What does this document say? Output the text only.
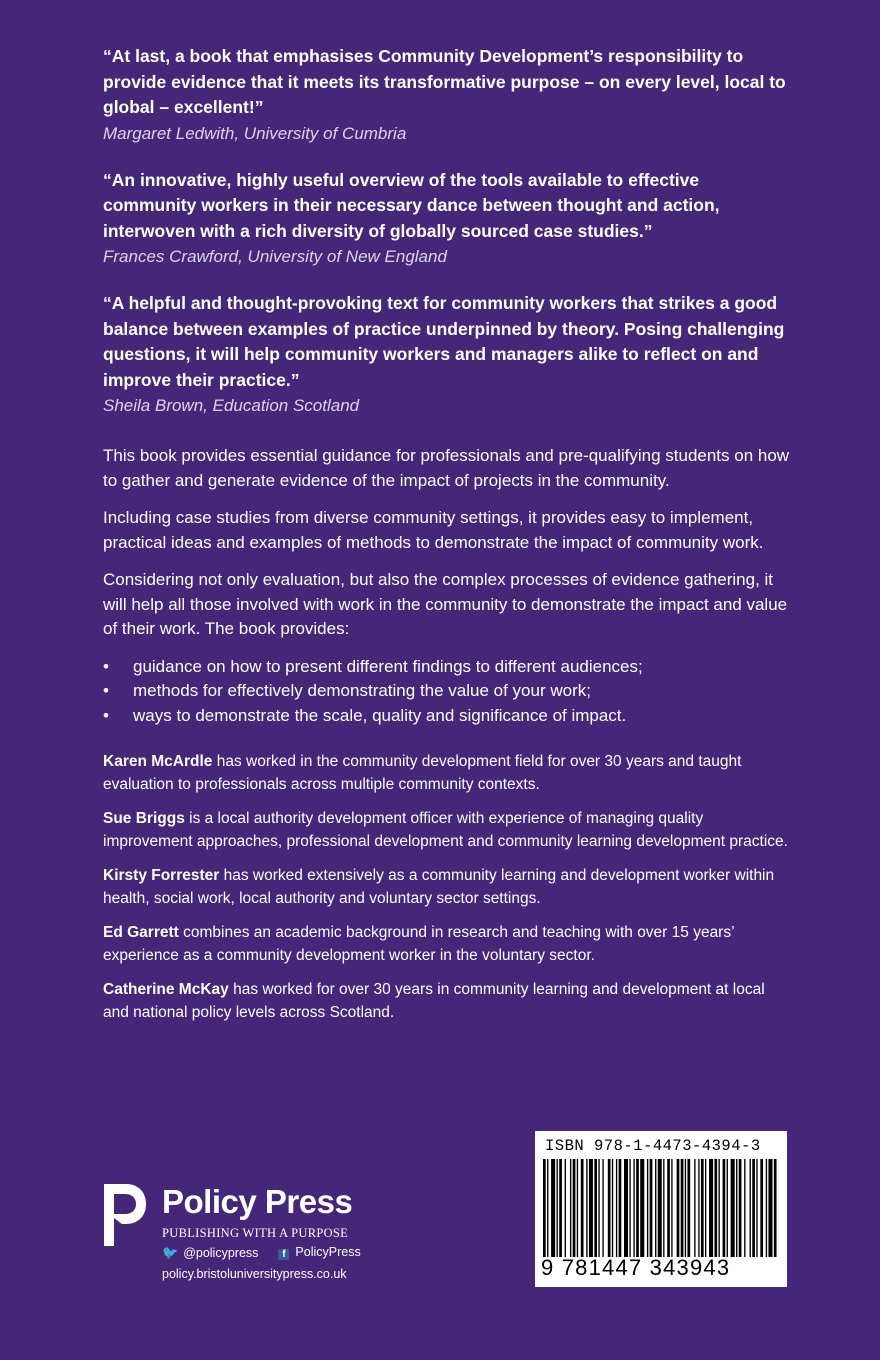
“At last, a book that emphasises Community Development’s responsibility to provide evidence that it meets its transformative purpose – on every level, local to global – excellent!”
Margaret Ledwith, University of Cumbria
“An innovative, highly useful overview of the tools available to effective community workers in their necessary dance between thought and action, interwoven with a rich diversity of globally sourced case studies.”
Frances Crawford, University of New England
“A helpful and thought-provoking text for community workers that strikes a good balance between examples of practice underpinned by theory. Posing challenging questions, it will help community workers and managers alike to reflect on and improve their practice.”
Sheila Brown, Education Scotland

This book provides essential guidance for professionals and pre-qualifying students on how to gather and generate evidence of the impact of projects in the community.

Including case studies from diverse community settings, it provides easy to implement, practical ideas and examples of methods to demonstrate the impact of community work.

Considering not only evaluation, but also the complex processes of evidence gathering, it will help all those involved with work in the community to demonstrate the impact and value of their work. The book provides:

• guidance on how to present different findings to different audiences;
• methods for effectively demonstrating the value of your work;
• ways to demonstrate the scale, quality and significance of impact.

Karen McArdle has worked in the community development field for over 30 years and taught evaluation to professionals across multiple community contexts.

Sue Briggs is a local authority development officer with experience of managing quality improvement approaches, professional development and community learning development practice.

Kirsty Forrester has worked extensively as a community learning and development worker within health, social work, local authority and voluntary sector settings.

Ed Garrett combines an academic background in research and teaching with over 15 years’ experience as a community development worker in the voluntary sector.

Catherine McKay has worked for over 30 years in community learning and development at local and national policy levels across Scotland.

Policy Press
PUBLISHING WITH A PURPOSE
🐦 @policypress	f PolicyPress
policy.bristoluniversitypress.co.uk
ISBN 978-1-4473-4394-3
9 781447 343943
